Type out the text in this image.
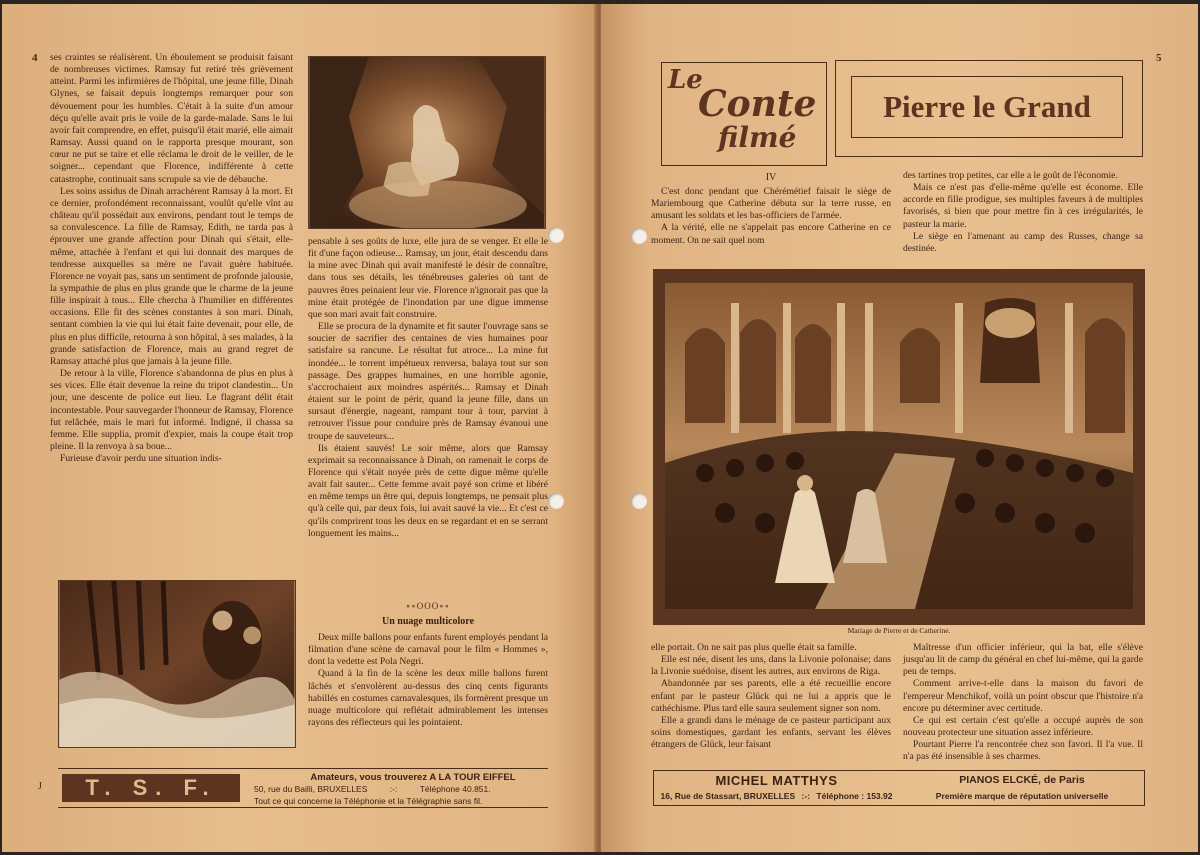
4 ses craintes se réalisèrent. Un éboulement se produisit faisant de nombreuses victimes. Ramsay fut retiré très grièvement atteint. Parmi les infirmières de l'hôpital, une jeune fille, Dinah Glynes, se faisait depuis longtemps remarquer pour son dévouement pour les humbles. C'était à la suite d'un amour déçu qu'elle avait pris le voile de la garde-malade. Sans le lui avoir fait comprendre, en effet, puisqu'il était marié, elle aimait Ramsay. Aussi quand on le rapporta presque mourant, son cœur ne put se taire et elle réclama le droit de le veiller, de le soigner... cependant que Florence, indifférente à cette catastrophe, continuait sans scrupule sa vie de débauche.

Les soins assidus de Dinah arrachèrent Ramsay à la mort. Et ce dernier, profondément reconnaissant, voulût qu'elle vînt au château qu'il possédait aux environs, pendant tout le temps de sa convalescence. La fille de Ramsay, Edith, ne tarda pas à éprouver une grande affection pour Dinah qui s'était, elle-même, attachée à l'enfant et qui lui donnait des marques de tendresse auxquelles sa mère ne l'avait guère habituée. Florence ne voyait pas, sans un sentiment de profonde jalousie, la sympathie de plus en plus grande que le charme de la jeune fille inspirait à tous... Elle chercha à l'humilier en différentes occasions. Elle fit des scènes constantes à son mari. Dinah, sentant combien la vie qui lui était faite devenait, pour elle, de plus en plus difficile, retourna à son hôpital, à ses malades, à la grande satisfaction de Florence, mais au grand regret de Ramsay attaché plus que jamais à la jeune fille.

De retour à la ville, Florence s'abandonna de plus en plus à ses vices. Elle était devenue la reine du tripot clandestin... Un jour, une descente de police eut lieu. Le flagrant délit était incontestable. Pour sauvegarder l'honneur de Ramsay, Florence fut relâchée, mais le mari fut informé. Indigné, il chassa sa femme. Elle supplia, promit d'expier, mais la coupe était trop pleine. Il la renvoya à sa boue...

Furieuse d'avoir perdu une situation indis-

pensable à ses goûts de luxe, elle jura de se venger. Et elle le fit d'une façon odieuse... Ramsay, un jour, était descendu dans la mine avec Dinah qui avait manifesté le désir de connaître, dans tous ses détails, les ténébreuses galeries où tant de pauvres êtres peinaient leur vie. Florence n'ignorait pas que la mine était protégée de l'inondation par une digue immense que son mari avait fait construire.

Elle se procura de la dynamite et fit sauter l'ouvrage sans se soucier de sacrifier des centaines de vies humaines pour satisfaire sa rancune. Le résultat fut atroce... La mine fut inondée... le torrent impétueux renversa, balaya tout sur son passage. Des grappes humaines, en une horrible agonie, s'accrochaient aux moindres aspérités... Ramsay et Dinah étaient sur le point de périr, quand la jeune fille, dans un sursaut d'énergie, nageant, rampant tour à tour, parvint à retrouver l'issue pour conduire près de Ramsay évanoui une troupe de sauveteurs...

Ils étaient sauvés! Le soir même, alors que Ramsay exprimait sa reconnaissance à Dinah, on ramenait le corps de Florence qui s'était noyée près de cette digue même qu'elle avait fait sauter... Cette femme avait payé son crime et libéré en même temps un être qui, depuis longtemps, ne pensait plus qu'à celle qui, par deux fois, lui avait sauvé la vie... Et c'est ce qu'ils comprirent tous les deux en se regardant et en se serrant longuement les mains...

∘∘OOO∘∘
Un nuage multicolore

Deux mille ballons pour enfants furent employés pendant la filmation d'une scène de carnaval pour le film « Hommes », dont la vedette est Pola Negri.

Quand à la fin de la scène les deux mille ballons furent lâchés et s'envolèrent au-dessus des cinq cents figurants habillés en costumes carnavalesques, ils formèrent presque un nuage multicolore qui reflétait admirablement les intenses rayons des réflecteurs qui les pointaient.

T. S. F.	Amateurs, vous trouverez A LA TOUR EIFFEL
50, rue du Bailli, BRUXELLES	:-:	Téléphone 40.851.
Tout ce qui concerne la Téléphonie et la Télégraphie sans fil.
J
5
Le
Conte
filmé
Pierre le Grand
IV

C'est donc pendant que Chérémétief faisait le siège de Mariembourg que Catherine débuta sur la terre russe, en amusant les soldats et les bas-officiers de l'armée.

A la vérité, elle ne s'appelait pas encore Catherine en ce moment. On ne sait quel nom

des tartines trop petites, car elle a le goût de l'économie.

Mais ce n'est pas d'elle-même qu'elle est économe. Elle accorde en fille prodigue, ses multiples faveurs à de multiples favorisés, si bien que pour mettre fin à ces irrégularités, le pasteur la marie.

Le siège en l'amenant au camp des Russes, change sa destinée.

Mariage de Pierre et de Catherine.

elle portait. On ne sait pas plus quelle était sa famille.

Elle est née, disent les uns, dans la Livonie polonaise; dans la Livonie suédoise, disent les autres, aux environs de Riga.

Abandonnée par ses parents, elle a été recueillie encore enfant par le pasteur Glück qui ne lui a appris que le cathéchisme. Plus tard elle saura seulement signer son nom.

Elle a grandi dans le ménage de ce pasteur participant aux soins domestiques, gardant les enfants, servant les élèves étrangers de Glück, leur faisant

Maîtresse d'un officier inférieur, qui la bat, elle s'élève jusqu'au lit de camp du général en chef lui-même, qui la garde peu de temps.

Comment arrive-t-elle dans la maison du favori de l'empereur Menchikof, voilà un point obscur que l'histoire n'a encore pu déterminer avec certitude.

Ce qui est certain c'est qu'elle a occupé auprès de son nouveau protecteur une situation assez inférieure.

Pourtant Pierre l'a rencontrée chez son favori. Il l'a vue. Il n'a pas été insensible à ses charmes.

MICHEL MATTHYS
16, Rue de Stassart, BRUXELLES :-: Téléphone : 153.92
PIANOS ELCKÉ, de Paris
Première marque de réputation universelle
